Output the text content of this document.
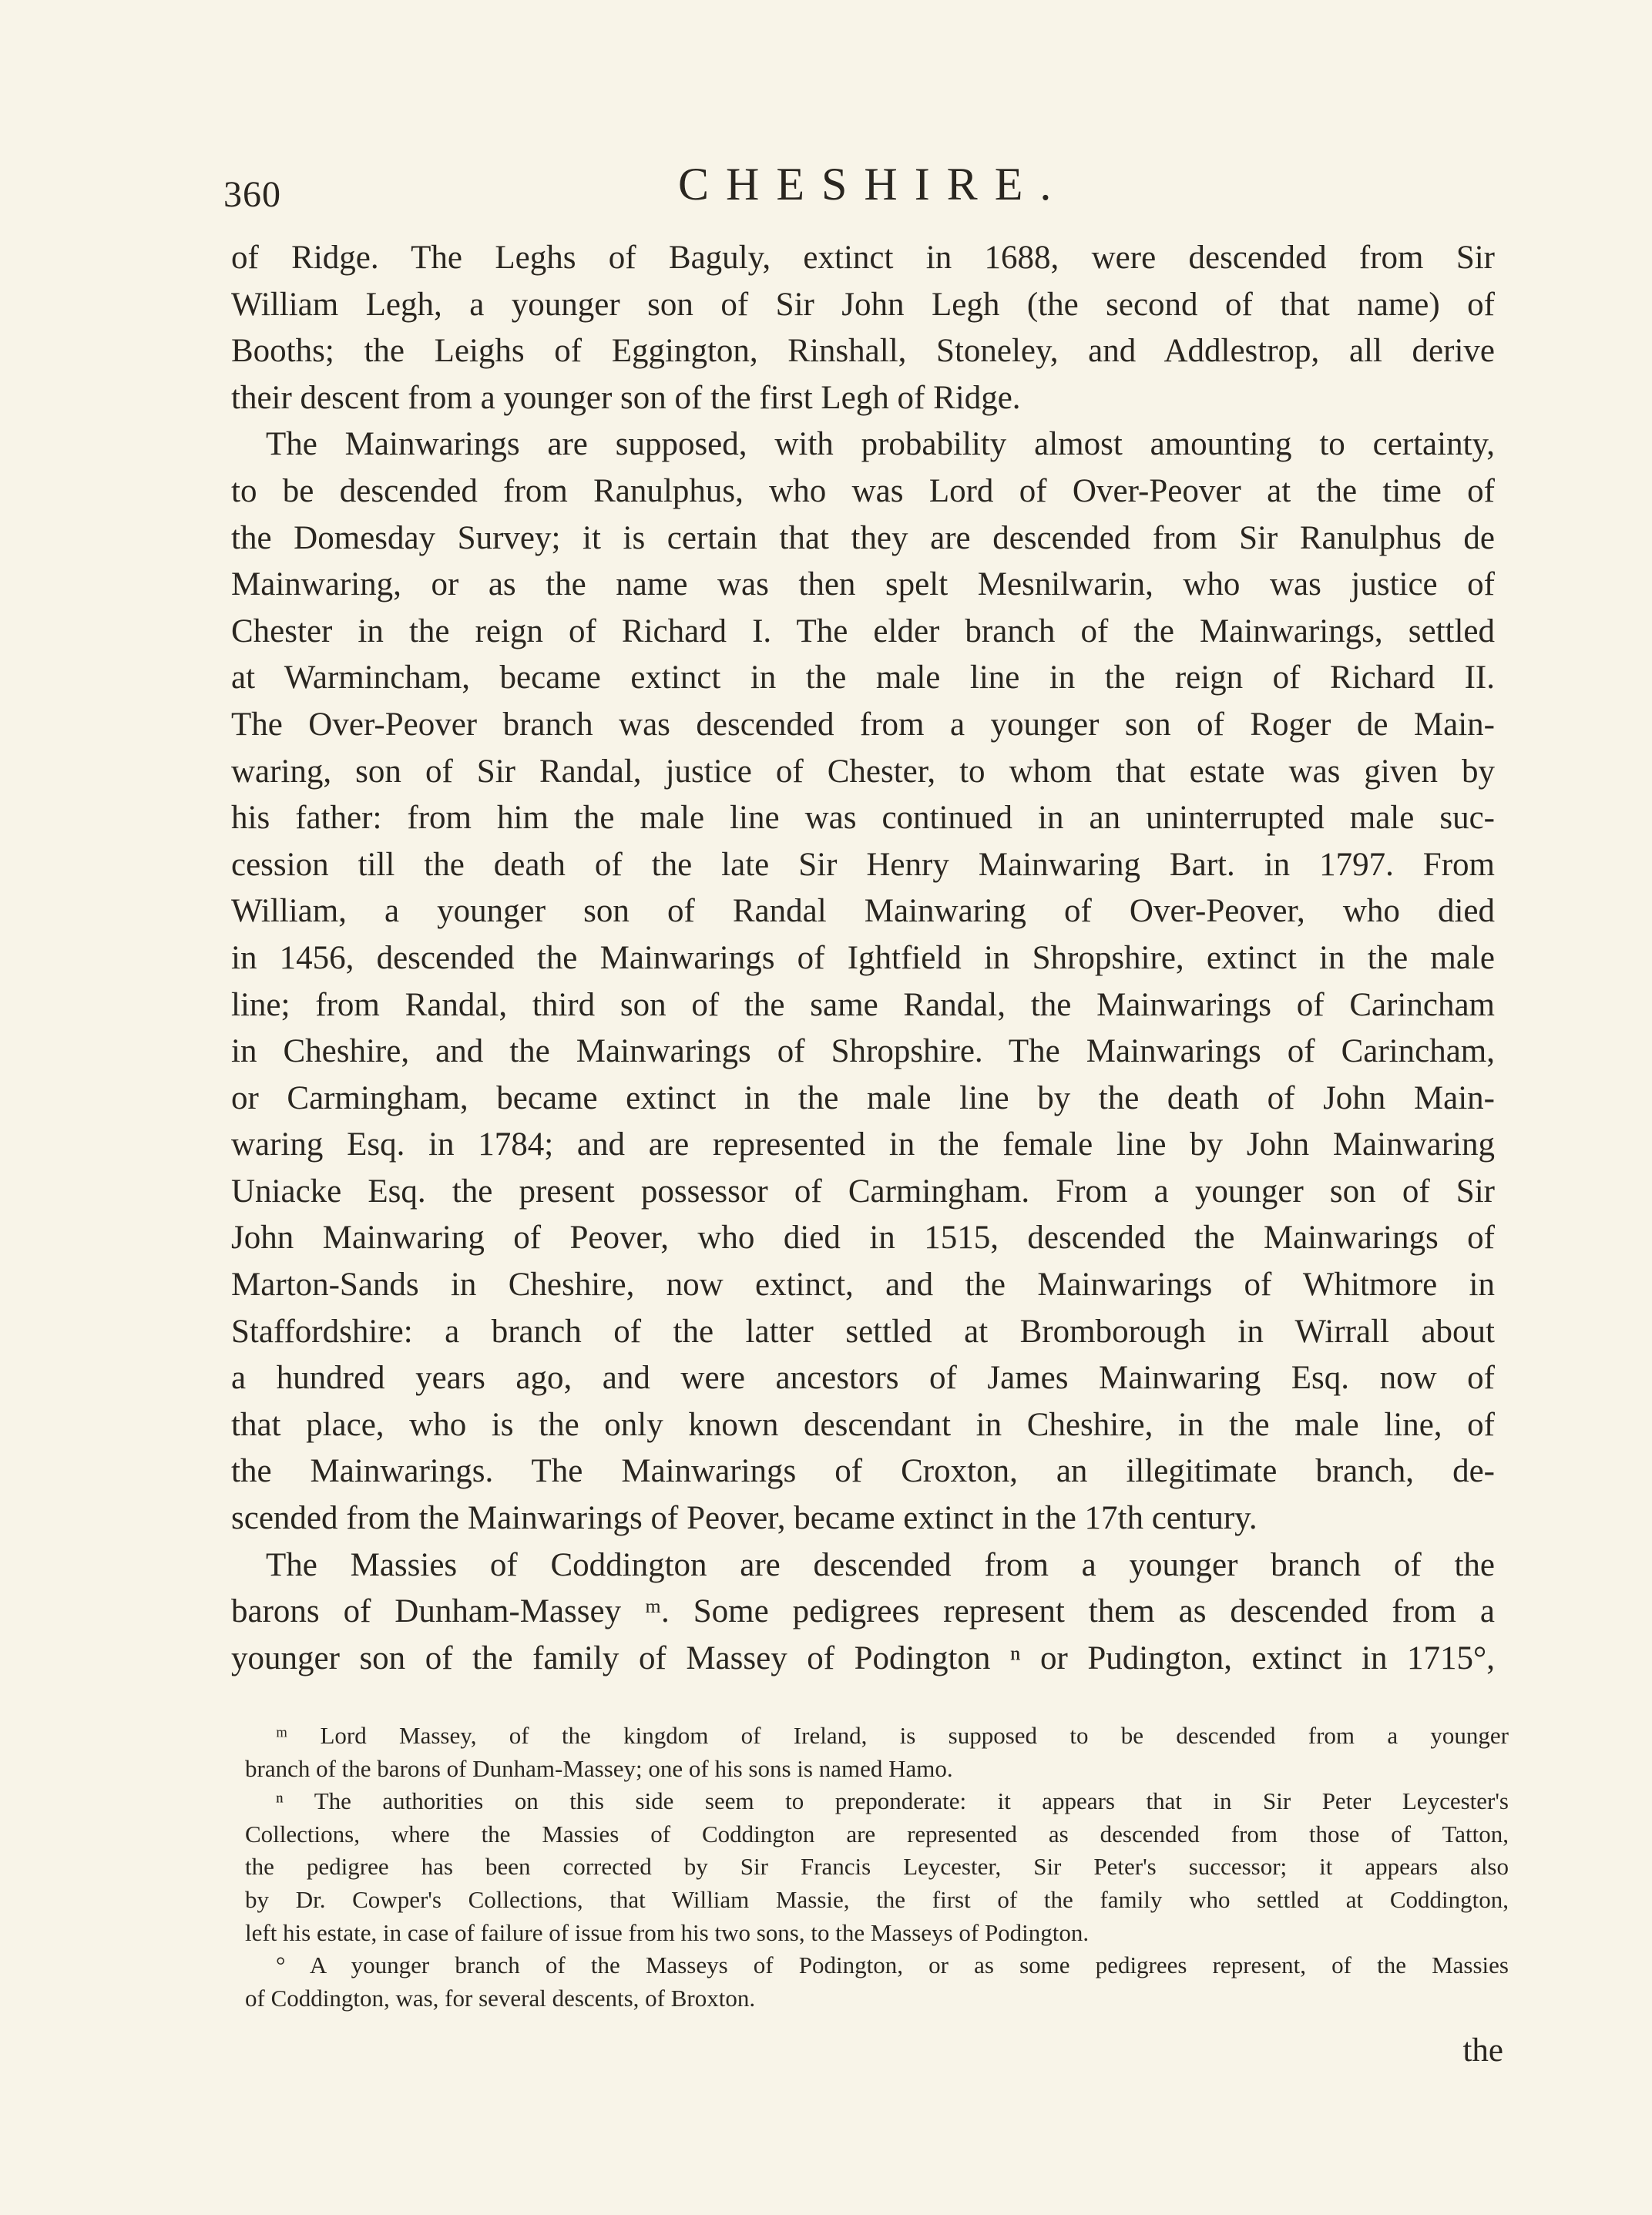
360	CHESHIRE.
of Ridge. The Leghs of Baguly, extinct in 1688, were descended from Sir
William Legh, a younger son of Sir John Legh (the second of that name) of
Booths; the Leighs of Eggington, Rinshall, Stoneley, and Addlestrop, all derive
their descent from a younger son of the first Legh of Ridge.
The Mainwarings are supposed, with probability almost amounting to certainty,
to be descended from Ranulphus, who was Lord of Over-Peover at the time of
the Domesday Survey; it is certain that they are descended from Sir Ranulphus de
Mainwaring, or as the name was then spelt Mesnilwarin, who was justice of
Chester in the reign of Richard I. The elder branch of the Mainwarings, settled
at Warmincham, became extinct in the male line in the reign of Richard II.
The Over-Peover branch was descended from a younger son of Roger de Main-
waring, son of Sir Randal, justice of Chester, to whom that estate was given by
his father: from him the male line was continued in an uninterrupted male suc-
cession till the death of the late Sir Henry Mainwaring Bart. in 1797. From
William, a younger son of Randal Mainwaring of Over-Peover, who died
in 1456, descended the Mainwarings of Ightfield in Shropshire, extinct in the male
line; from Randal, third son of the same Randal, the Mainwarings of Carincham
in Cheshire, and the Mainwarings of Shropshire. The Mainwarings of Carincham,
or Carmingham, became extinct in the male line by the death of John Main-
waring Esq. in 1784; and are represented in the female line by John Mainwaring
Uniacke Esq. the present possessor of Carmingham. From a younger son of Sir
John Mainwaring of Peover, who died in 1515, descended the Mainwarings of
Marton-Sands in Cheshire, now extinct, and the Mainwarings of Whitmore in
Staffordshire: a branch of the latter settled at Bromborough in Wirrall about
a hundred years ago, and were ancestors of James Mainwaring Esq. now of
that place, who is the only known descendant in Cheshire, in the male line, of
the Mainwarings. The Mainwarings of Croxton, an illegitimate branch, de-
scended from the Mainwarings of Peover, became extinct in the 17th century.
The Massies of Coddington are descended from a younger branch of the
barons of Dunham-Massey ᵐ. Some pedigrees represent them as descended from a
younger son of the family of Massey of Podington ⁿ or Pudington, extinct in 1715°,
ᵐ Lord Massey, of the kingdom of Ireland, is supposed to be descended from a younger
branch of the barons of Dunham-Massey; one of his sons is named Hamo.
ⁿ The authorities on this side seem to preponderate: it appears that in Sir Peter Leycester's
Collections, where the Massies of Coddington are represented as descended from those of Tatton,
the pedigree has been corrected by Sir Francis Leycester, Sir Peter's successor; it appears also
by Dr. Cowper's Collections, that William Massie, the first of the family who settled at Coddington,
left his estate, in case of failure of issue from his two sons, to the Masseys of Podington.
° A younger branch of the Masseys of Podington, or as some pedigrees represent, of the Massies
of Coddington, was, for several descents, of Broxton.
the
